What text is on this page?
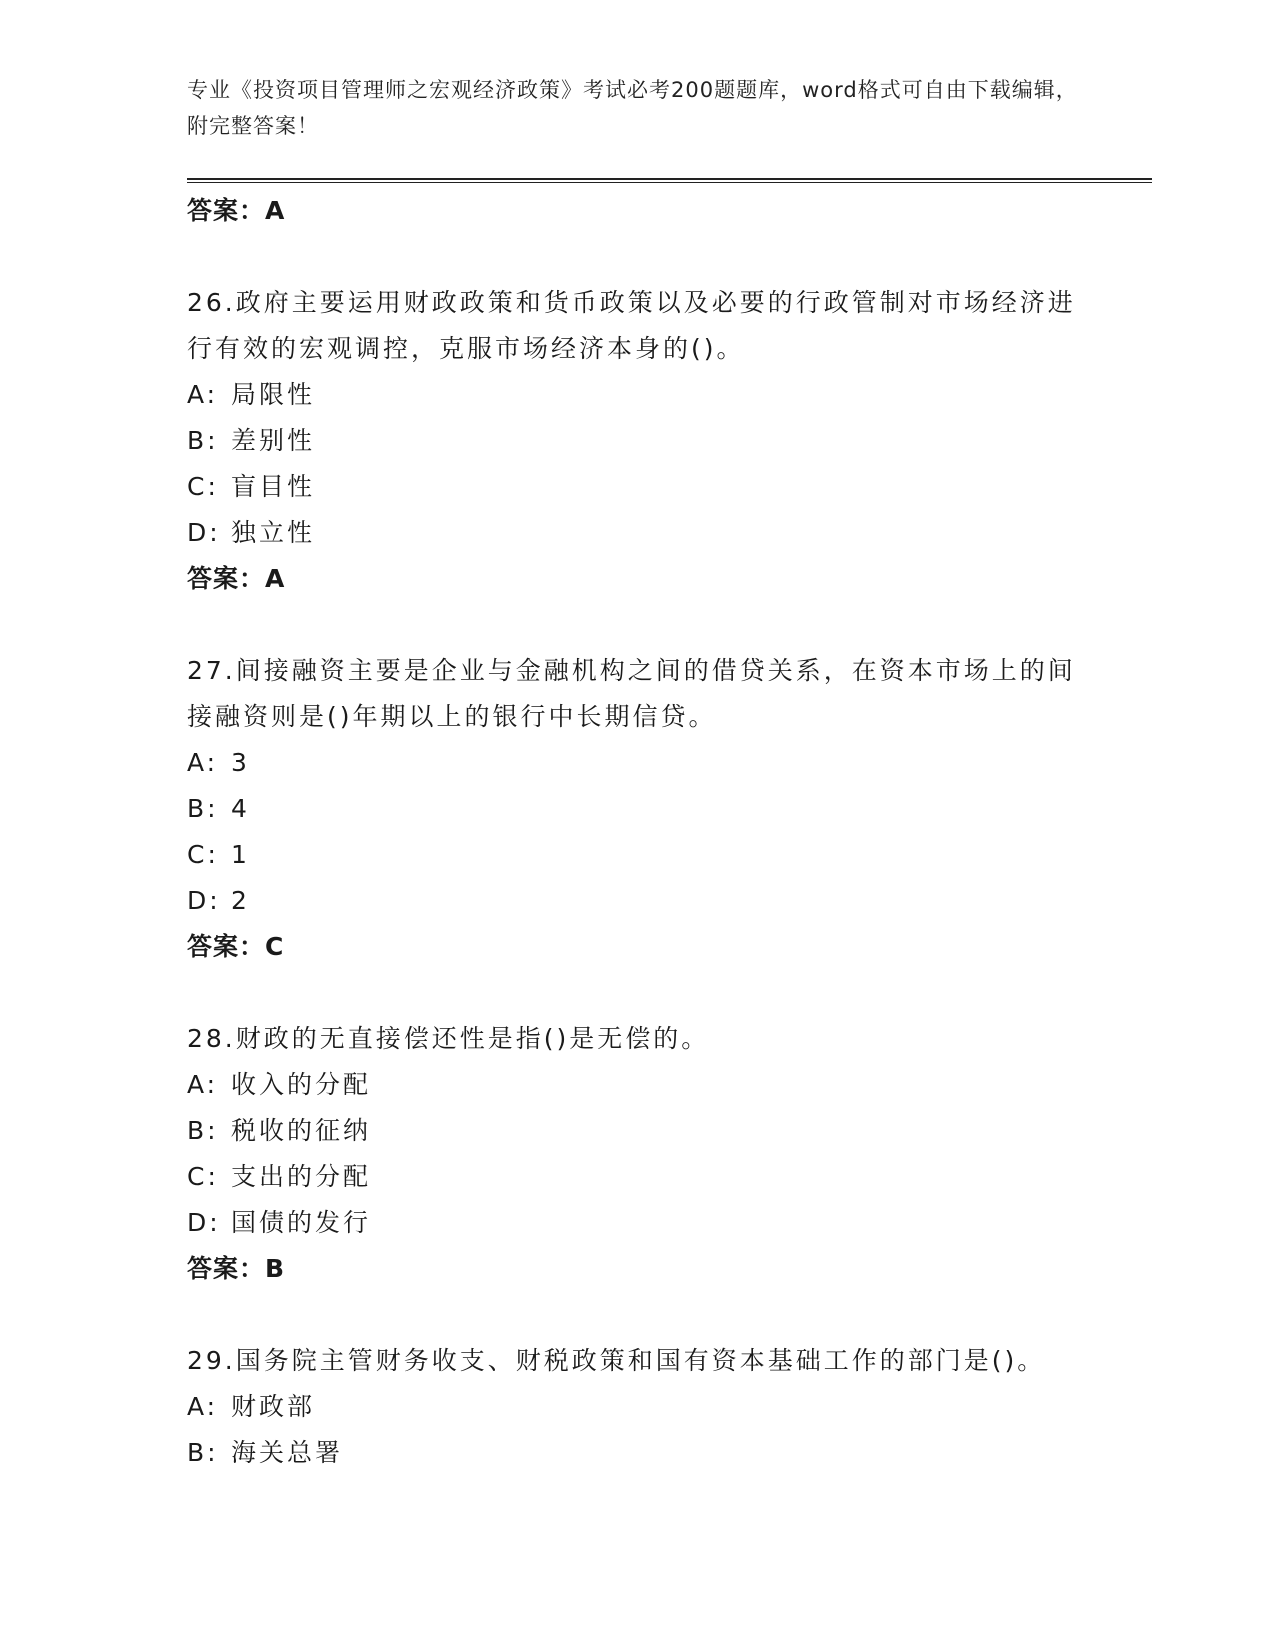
专业《投资项目管理师之宏观经济政策》考试必考200题题库，word格式可自由下载编辑，附完整答案！
答案：A
26.政府主要运用财政政策和货币政策以及必要的行政管制对市场经济进行有效的宏观调控，克服市场经济本身的()。
A: 局限性
B: 差别性
C: 盲目性
D: 独立性
答案：A
27.间接融资主要是企业与金融机构之间的借贷关系，在资本市场上的间接融资则是()年期以上的银行中长期信贷。
A: 3
B: 4
C: 1
D: 2
答案：C
28.财政的无直接偿还性是指()是无偿的。
A: 收入的分配
B: 税收的征纳
C: 支出的分配
D: 国债的发行
答案：B
29.国务院主管财务收支、财税政策和国有资本基础工作的部门是()。
A: 财政部
B: 海关总署
